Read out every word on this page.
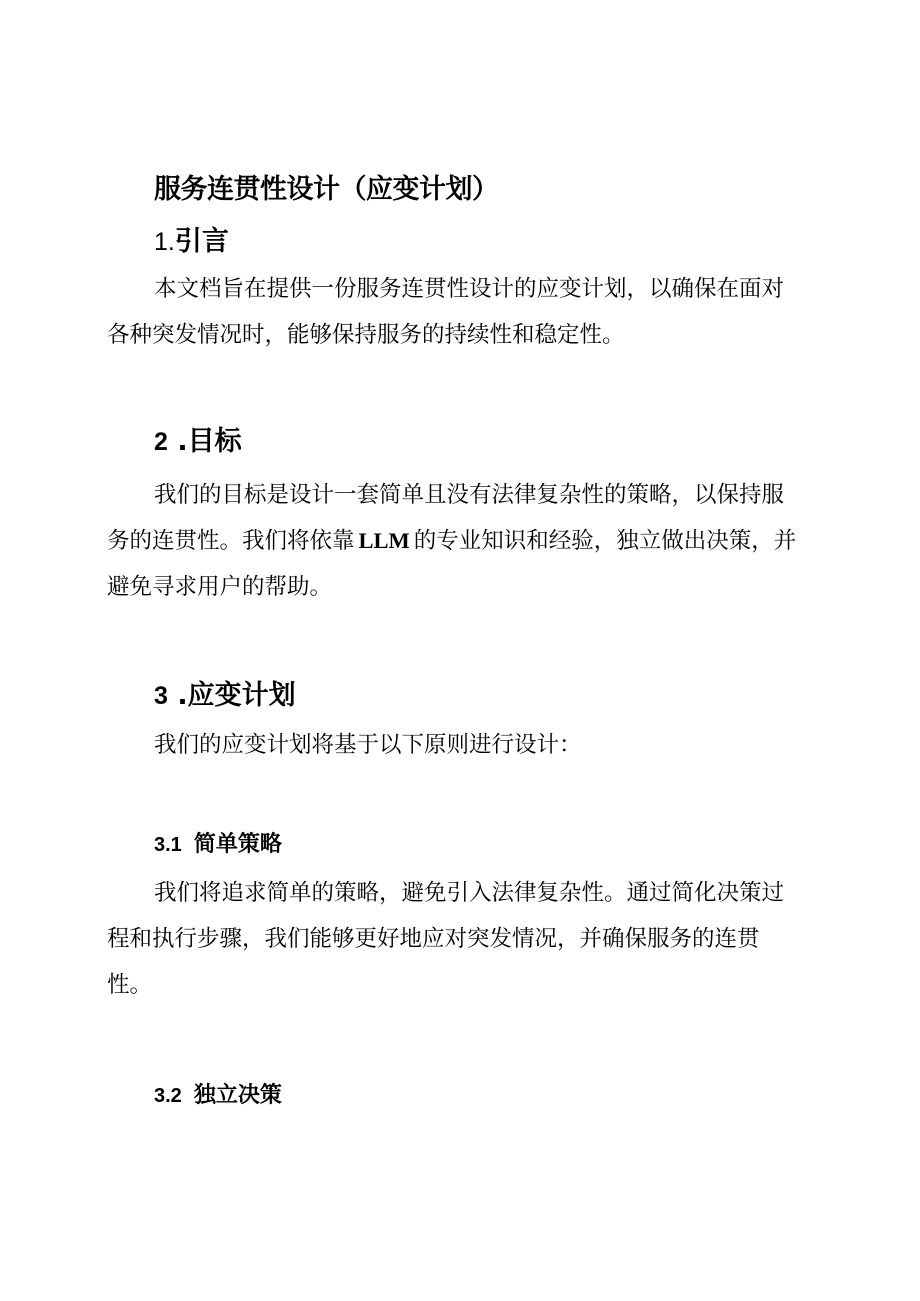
服务连贯性设计（应变计划）
1.引言
本文档旨在提供一份服务连贯性设计的应变计划，以确保在面对
各种突发情况时，能够保持服务的持续性和稳定性。
2 .目标
我们的目标是设计一套简单且没有法律复杂性的策略，以保持服
务的连贯性。我们将依靠 LLM 的专业知识和经验，独立做出决策，并
避免寻求用户的帮助。
3 .应变计划
我们的应变计划将基于以下原则进行设计：
3.1 简单策略
我们将追求简单的策略，避免引入法律复杂性。通过简化决策过
程和执行步骤，我们能够更好地应对突发情况，并确保服务的连贯
性。
3.2 独立决策
